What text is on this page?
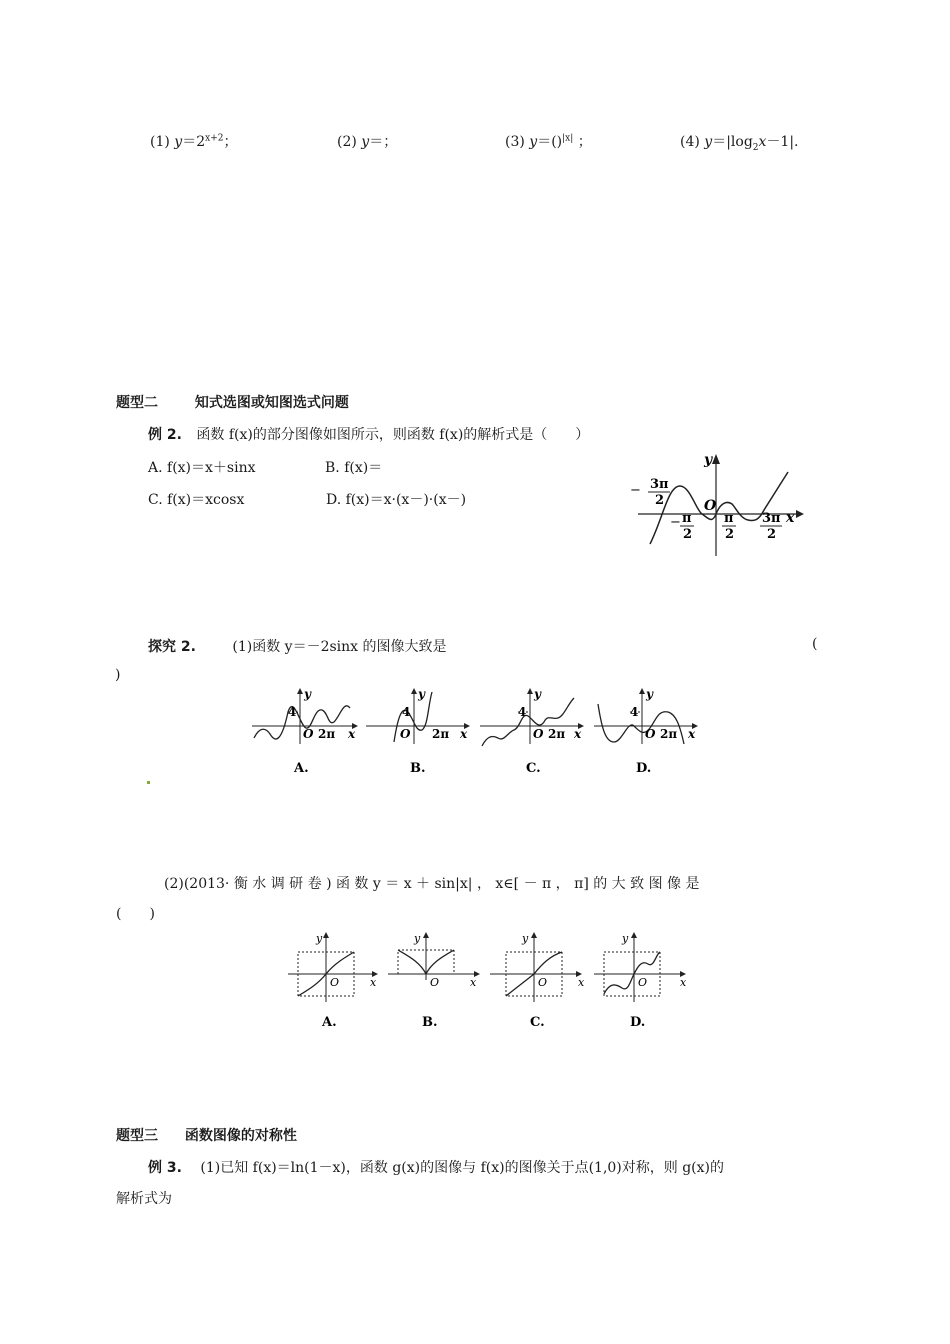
(1) $y=2^{x+2}$；	(2) y＝；	(3) y＝()$^{|x|}$ ；	(4) $y=|\log_2x-1|$.
题型二	知式选图或知图选式问题
例 2. 函数 f(x)的部分图像如图所示，则函数 f(x)的解析式是（　　）
A. f(x)＝x＋sinx	B. f(x)＝
C. f(x)＝xcosx	D. f(x)＝x·(x－)·(x－)
y
x
O
− 3π
2
− π
2
π
2
3π
2
探究 2.	(1)函数 y＝－2sinx 的图像大致是	(
)
y
4
O 2π x
A.
y
4
O 2π x
B.
y
4
O 2π x
C.
y
4
O 2π x
D.
(2)(2013· 衡 水 调 研 卷 ) 函 数 y ＝ x ＋ sin|x| ， x∈[ － π ， π] 的 大 致 图 像 是
(　　)
y
O	x
A.
y
O	x
B.
y
O	x
C.
y
O	x
D.
题型三 函数图像的对称性
例 3. (1)已知 f(x)＝ln(1－x)，函数 g(x)的图像与 f(x)的图像关于点(1,0)对称，则 g(x)的
解析式为
